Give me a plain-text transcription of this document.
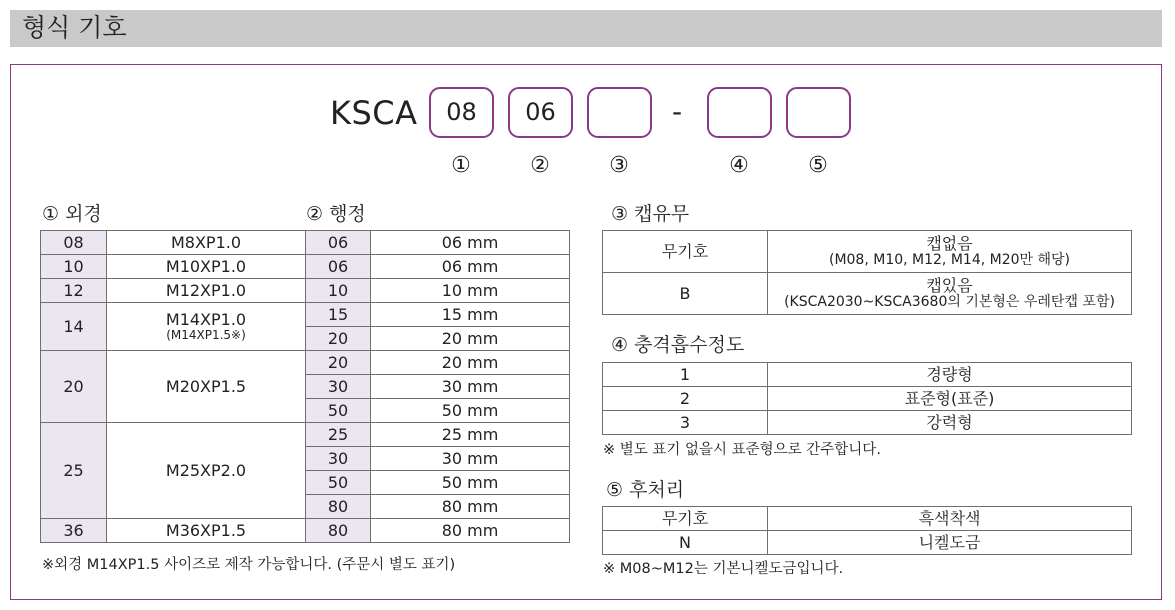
형식 기호
KSCA	08	06	-
①	②	③	④	⑤
① 외경
08	M8XP1.0
10	M10XP1.0
12	M12XP1.0
14	M14XP1.0
(M14XP1.5※)

20	M20XP1.5
25	M25XP2.0
36	M36XP1.5
② 행정
06	06 mm
06	06 mm
10	10 mm
15	15 mm
20	20 mm
20	20 mm
30	30 mm
50	50 mm
25	25 mm
30	30 mm
50	50 mm
80	80 mm
80	80 mm
※외경 M14XP1.5 사이즈로 제작 가능합니다. (주문시 별도 표기)
③ 캡유무
무기호	캡없음
(M08, M10, M12, M14, M20만 해당)

B	캡있음
(KSCA2030~KSCA3680의 기본형은 우레탄캡 포함)
④ 충격흡수정도
1	경량형
2	표준형(표준)
3	강력형
※ 별도 표기 없을시 표준형으로 간주합니다.
⑤ 후처리
무기호	흑색착색
N	니켈도금
※ M08~M12는 기본니켈도금입니다.
